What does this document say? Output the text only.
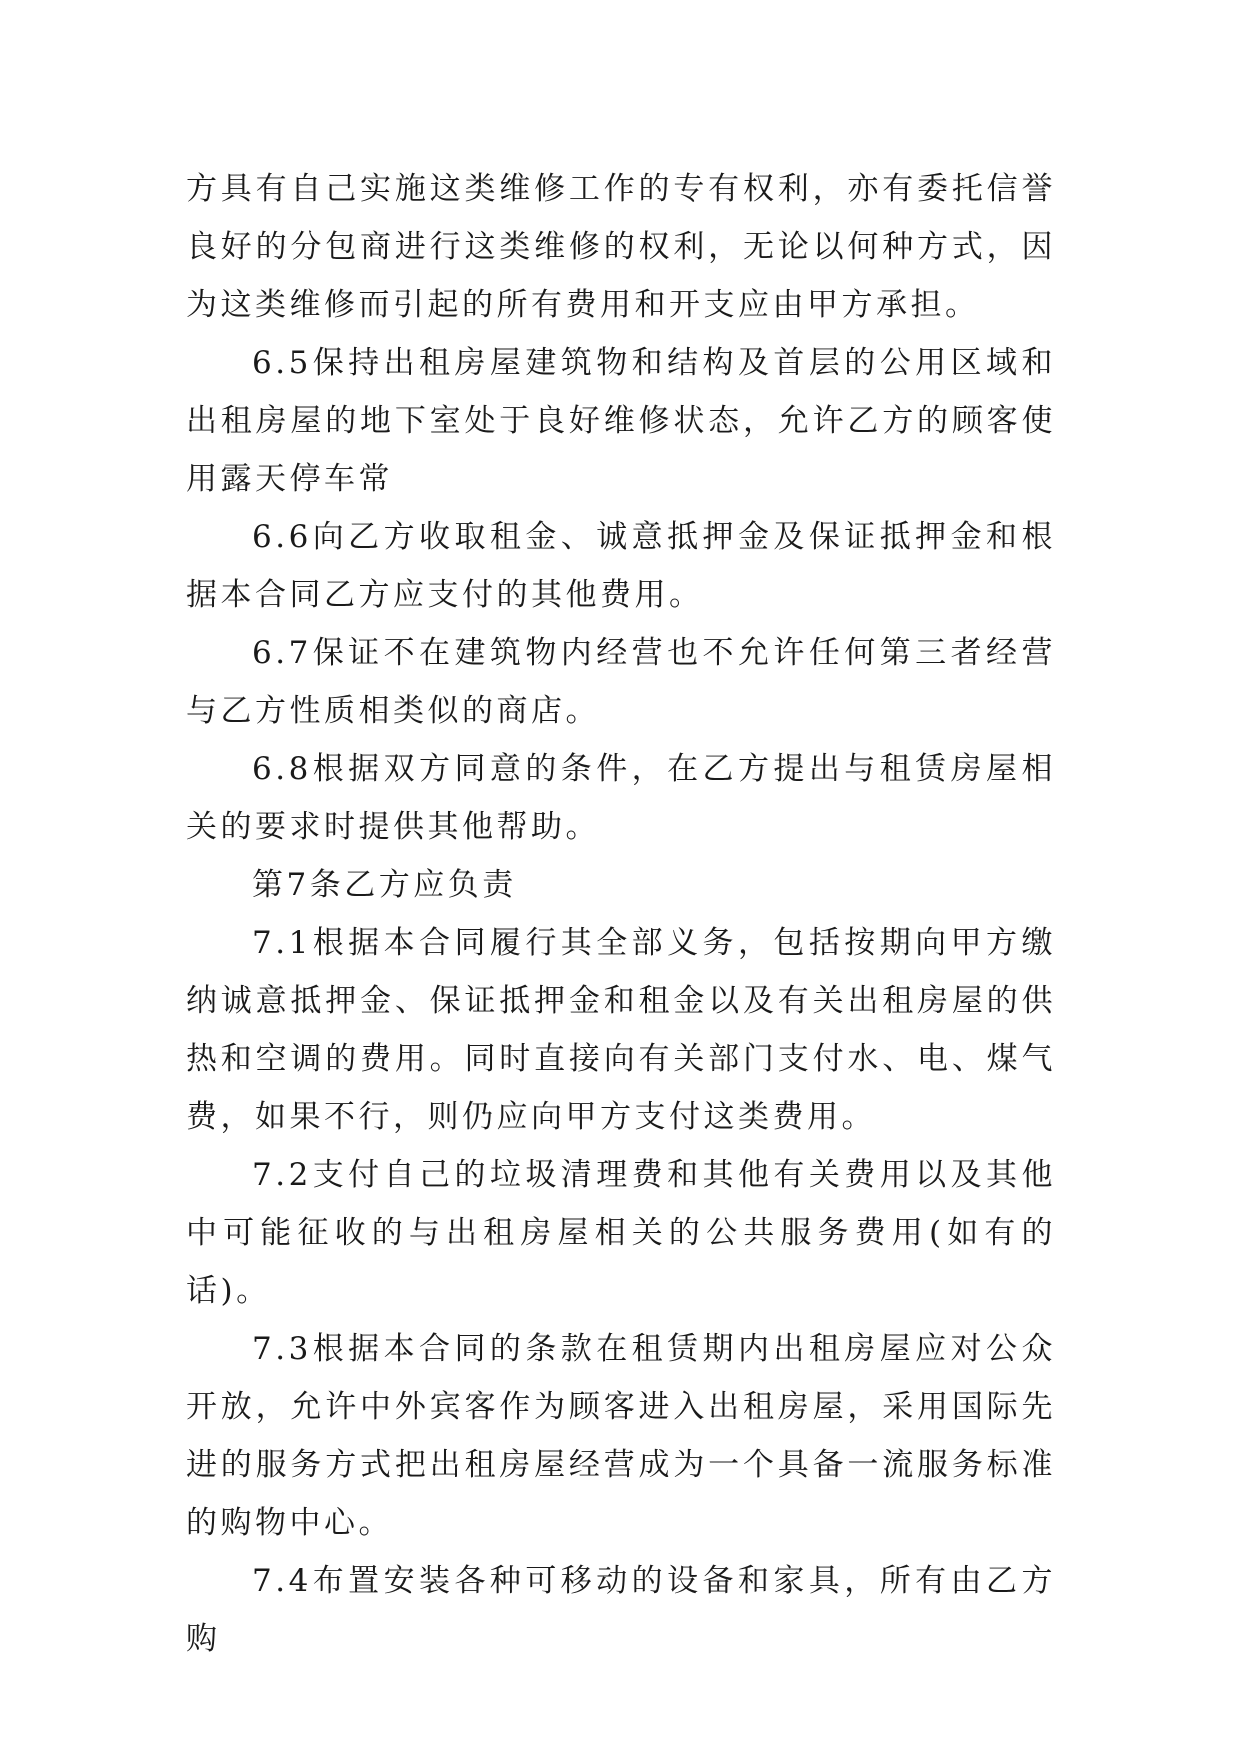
方具有自己实施这类维修工作的专有权利，亦有委托信誉良好的分包商进行这类维修的权利，无论以何种方式，因为这类维修而引起的所有费用和开支应由甲方承担。

6.5保持出租房屋建筑物和结构及首层的公用区域和出租房屋的地下室处于良好维修状态，允许乙方的顾客使用露天停车常

6.6向乙方收取租金、诚意抵押金及保证抵押金和根据本合同乙方应支付的其他费用。

6.7保证不在建筑物内经营也不允许任何第三者经营与乙方性质相类似的商店。

6.8根据双方同意的条件，在乙方提出与租赁房屋相关的要求时提供其他帮助。

第7条乙方应负责

7.1根据本合同履行其全部义务，包括按期向甲方缴纳诚意抵押金、保证抵押金和租金以及有关出租房屋的供热和空调的费用。同时直接向有关部门支付水、电、煤气费，如果不行，则仍应向甲方支付这类费用。

7.2支付自己的垃圾清理费和其他有关费用以及其他中可能征收的与出租房屋相关的公共服务费用(如有的话)。

7.3根据本合同的条款在租赁期内出租房屋应对公众开放，允许中外宾客作为顾客进入出租房屋，采用国际先进的服务方式把出租房屋经营成为一个具备一流服务标准的购物中心。

7.4布置安装各种可移动的设备和家具，所有由乙方购
